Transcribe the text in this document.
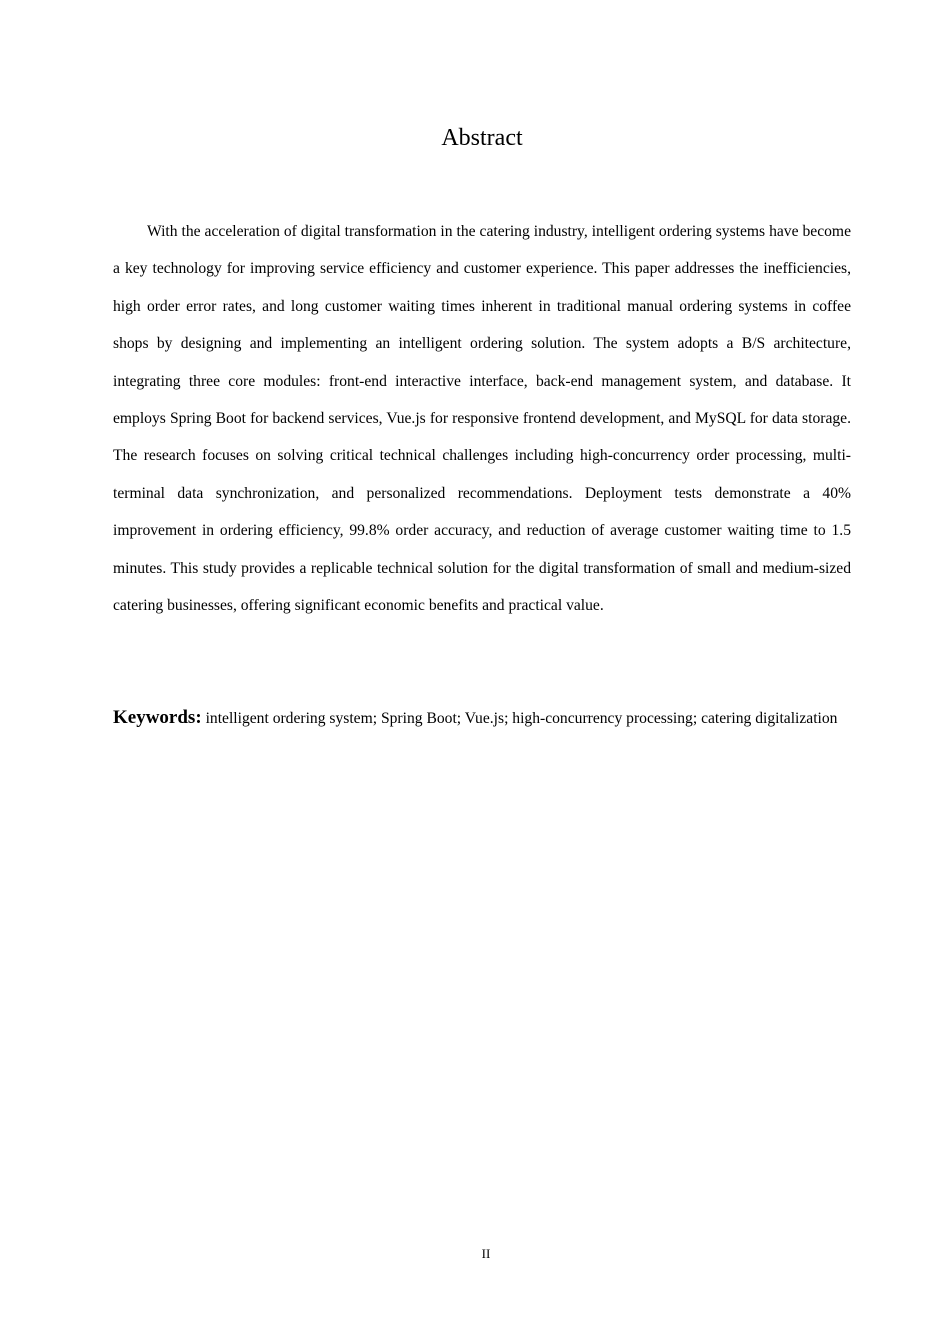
Abstract

With the acceleration of digital transformation in the catering industry, intelligent ordering systems have become a key technology for improving service efficiency and customer experience. This paper addresses the inefficiencies, high order error rates, and long customer waiting times inherent in traditional manual ordering systems in coffee shops by designing and implementing an intelligent ordering solution. The system adopts a B/S architecture, integrating three core modules: front-end interactive interface, back-end management system, and database. It employs Spring Boot for backend services, Vue.js for responsive frontend development, and MySQL for data storage. The research focuses on solving critical technical challenges including high-concurrency order processing, multi-terminal data synchronization, and personalized recommendations. Deployment tests demonstrate a 40% improvement in ordering efficiency, 99.8% order accuracy, and reduction of average customer waiting time to 1.5 minutes. This study provides a replicable technical solution for the digital transformation of small and medium-sized catering businesses, offering significant economic benefits and practical value.

Keywords: intelligent ordering system; Spring Boot; Vue.js; high-concurrency processing; catering digitalization

II
